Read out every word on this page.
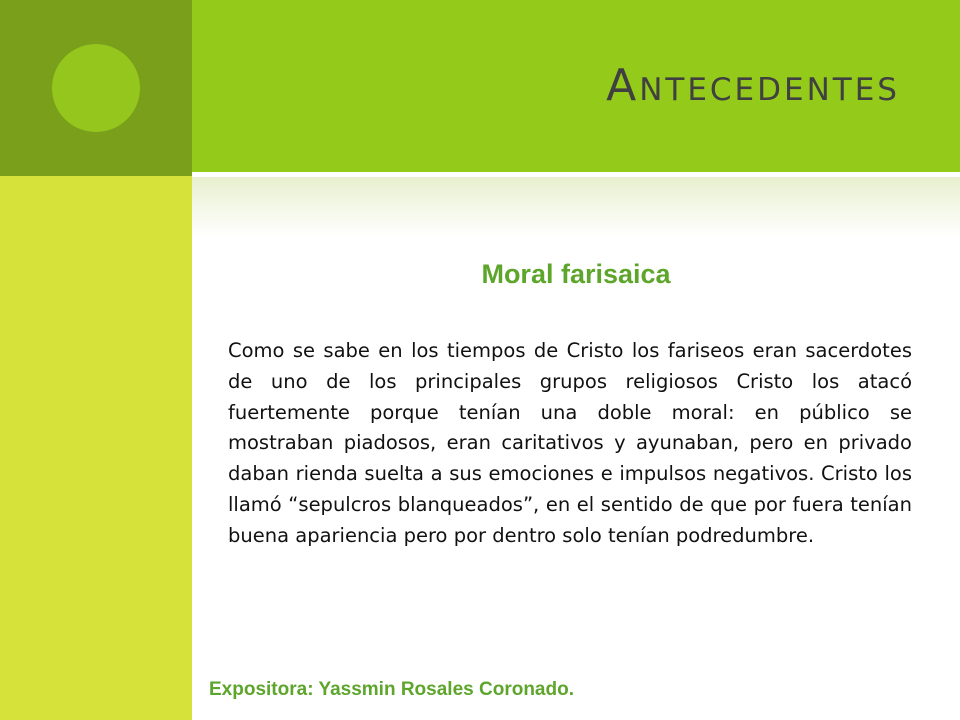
Antecedentes
Moral farisaica

Como se sabe en los tiempos de Cristo los fariseos eran sacerdotes de uno de los principales grupos religiosos Cristo los atacó fuertemente porque tenían una doble moral: en público se mostraban piadosos, eran caritativos y ayunaban, pero en privado daban rienda suelta a sus emociones e impulsos negativos. Cristo los llamó “sepulcros blanqueados”, en el sentido de que por fuera tenían buena apariencia pero por dentro solo tenían podredumbre.

Expositora: Yassmin Rosales Coronado.
